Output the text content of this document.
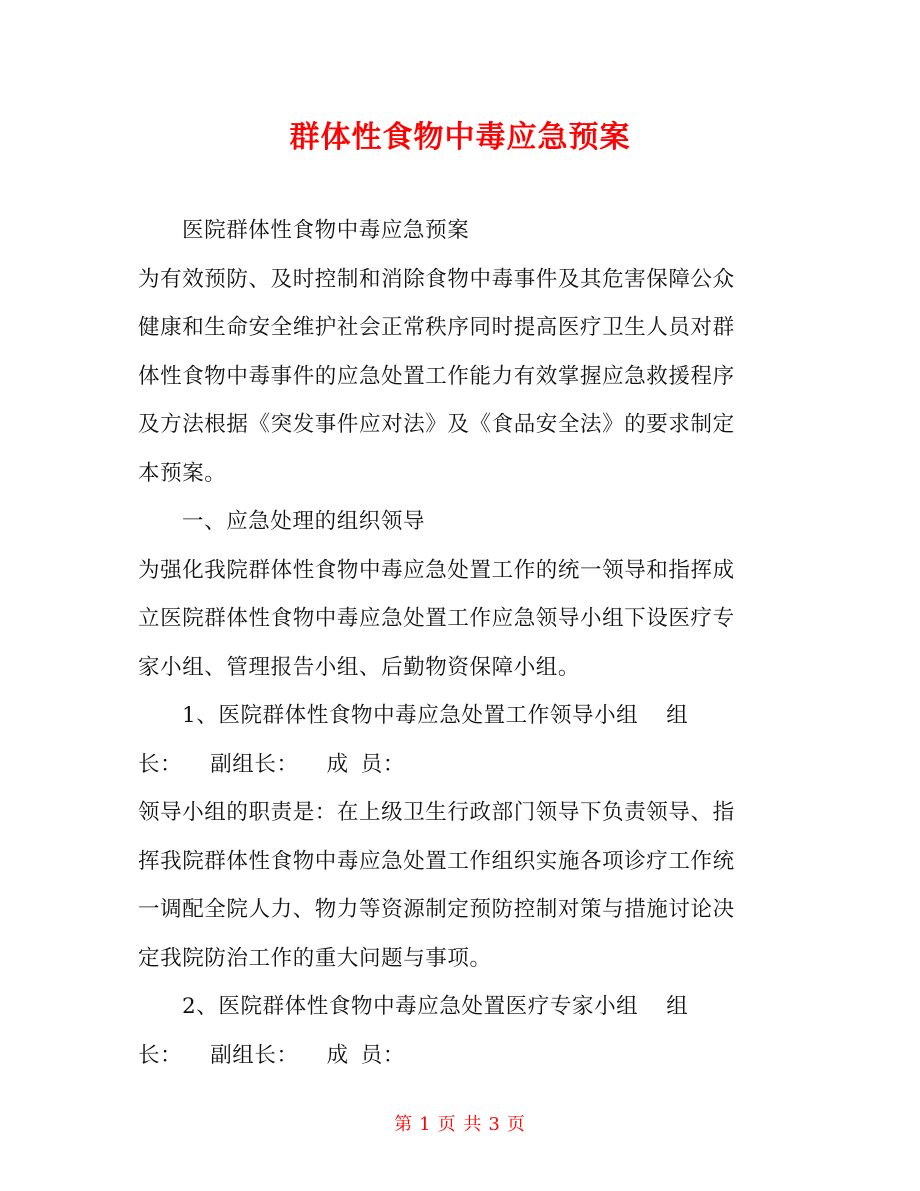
群体性食物中毒应急预案
医院群体性食物中毒应急预案
为有效预防、及时控制和消除食物中毒事件及其危害保障公众
健康和生命安全维护社会正常秩序同时提高医疗卫生人员对群
体性食物中毒事件的应急处置工作能力有效掌握应急救援程序
及方法根据《突发事件应对法》及《食品安全法》的要求制定
本预案。
一、应急处理的组织领导
为强化我院群体性食物中毒应急处置工作的统一领导和指挥成
立医院群体性食物中毒应急处置工作应急领导小组下设医疗专
家小组、管理报告小组、后勤物资保障小组。
1、医院群体性食物中毒应急处置工作领导小组 组
长： 副组长： 成 员：
领导小组的职责是：在上级卫生行政部门领导下负责领导、指
挥我院群体性食物中毒应急处置工作组织实施各项诊疗工作统
一调配全院人力、物力等资源制定预防控制对策与措施讨论决
定我院防治工作的重大问题与事项。
2、医院群体性食物中毒应急处置医疗专家小组 组
长： 副组长： 成 员：
第 1 页 共 3 页
